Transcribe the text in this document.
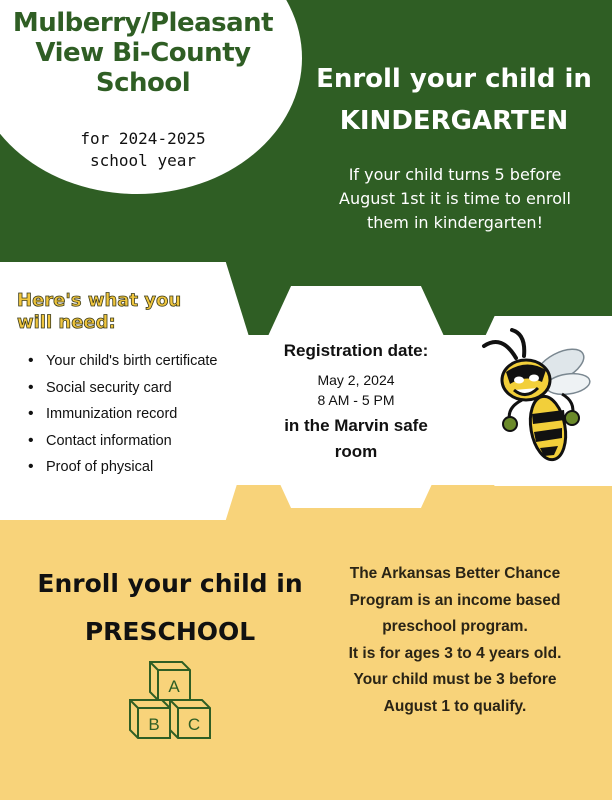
Mulberry/Pleasant
View Bi-County
School
for 2024-2025
school year
Enroll your child in
KINDERGARTEN
If your child turns 5 before
August 1st it is time to enroll
them in kindergarten!
Here's what you
will need:
• Your child's birth certificate
• Social security card
• Immunization record
• Contact information
• Proof of physical
Registration date:
May 2, 2024
8 AM - 5 PM
in the Marvin safe
room
Enroll your child in
PRESCHOOL
A
B C
The Arkansas Better Chance
Program is an income based
preschool program.
It is for ages 3 to 4 years old.
Your child must be 3 before
August 1 to qualify.
